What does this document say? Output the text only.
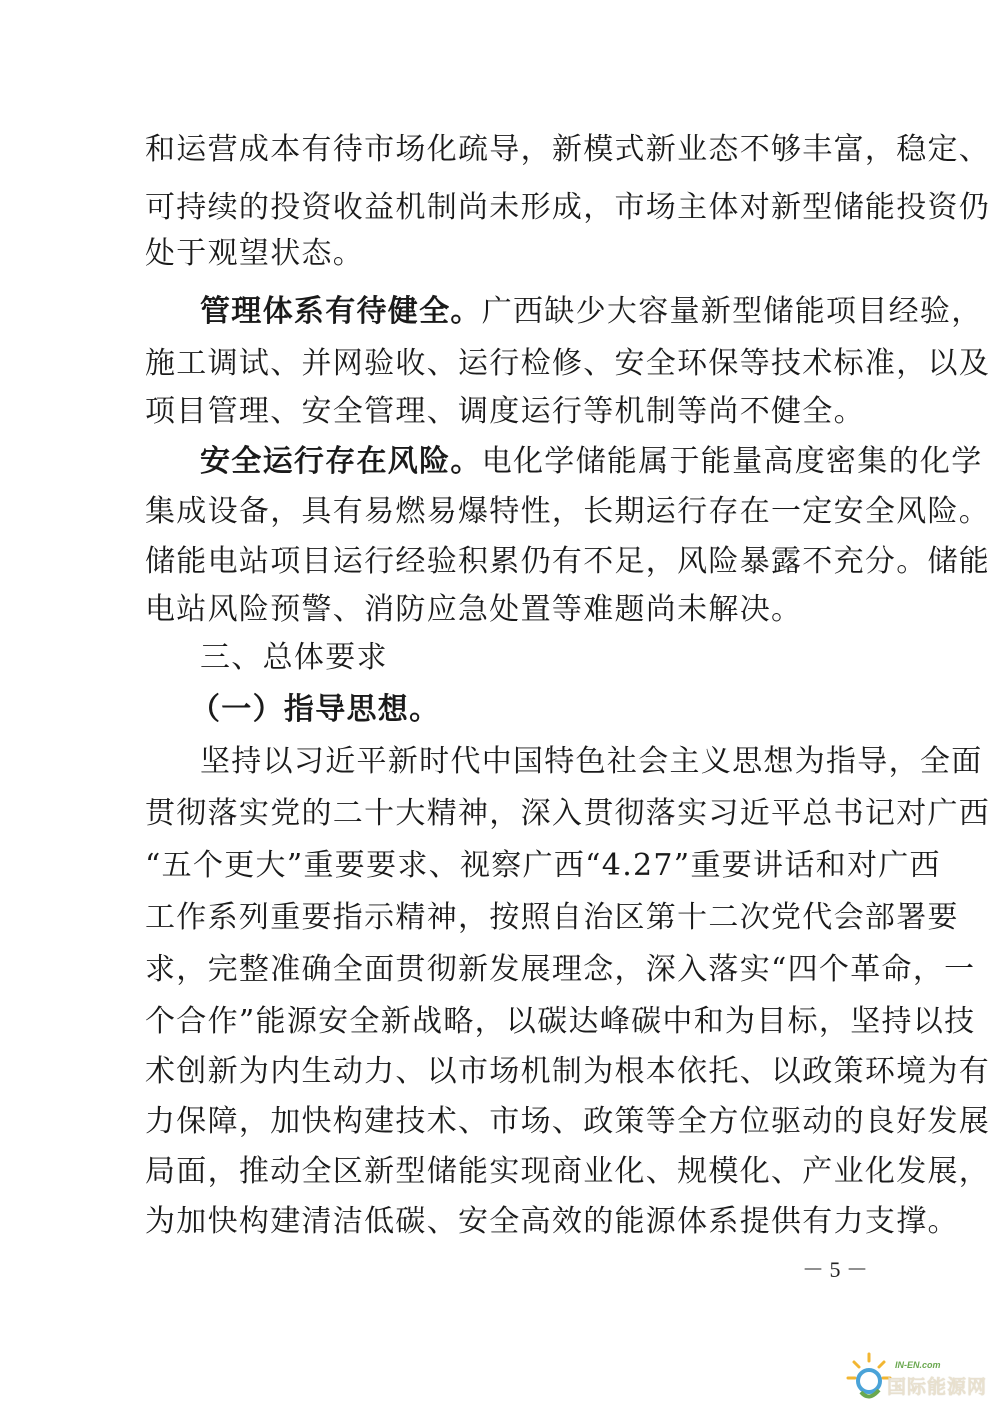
和运营成本有待市场化疏导，新模式新业态不够丰富，稳定、
可持续的投资收益机制尚未形成，市场主体对新型储能投资仍
处于观望状态。
管理体系有待健全。广西缺少大容量新型储能项目经验，
施工调试、并网验收、运行检修、安全环保等技术标准，以及
项目管理、安全管理、调度运行等机制等尚不健全。
安全运行存在风险。电化学储能属于能量高度密集的化学
集成设备，具有易燃易爆特性，长期运行存在一定安全风险。
储能电站项目运行经验积累仍有不足，风险暴露不充分。储能
电站风险预警、消防应急处置等难题尚未解决。
三、总体要求
（一）指导思想。
坚持以习近平新时代中国特色社会主义思想为指导，全面
贯彻落实党的二十大精神，深入贯彻落实习近平总书记对广西
“五个更大”重要要求、视察广西“4.27”重要讲话和对广西
工作系列重要指示精神，按照自治区第十二次党代会部署要
求，完整准确全面贯彻新发展理念，深入落实“四个革命，一
个合作”能源安全新战略，以碳达峰碳中和为目标，坚持以技
术创新为内生动力、以市场机制为根本依托、以政策环境为有
力保障，加快构建技术、市场、政策等全方位驱动的良好发展
局面，推动全区新型储能实现商业化、规模化、产业化发展，
为加快构建清洁低碳、安全高效的能源体系提供有力支撑。
－ 5 －
IN-EN.com
国际能源网
